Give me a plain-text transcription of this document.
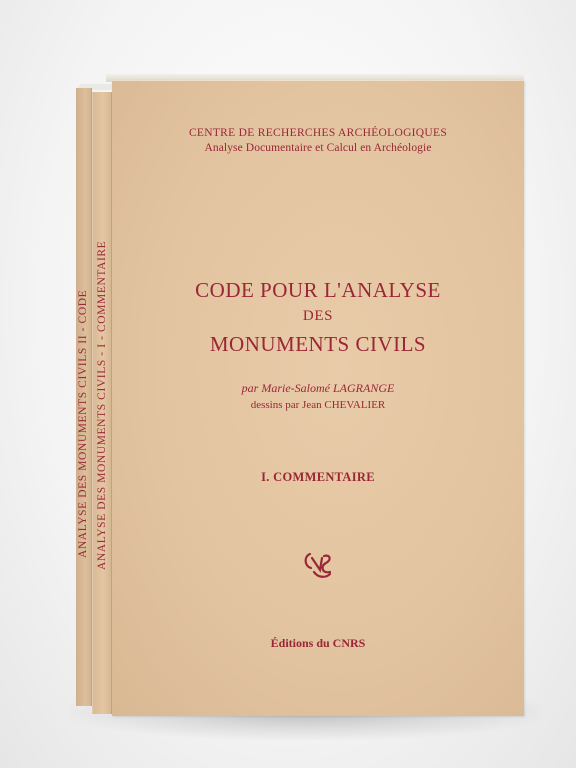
ANALYSE DES MONUMENTS CIVILS II - CODE ANALYSE DES MONUMENTS CIVILS - I - COMMENTAIRE
CENTRE DE RECHERCHES ARCHÉOLOGIQUES
Analyse Documentaire et Calcul en Archéologie
CODE POUR L'ANALYSE
DES
MONUMENTS CIVILS
par Marie-Salomé LAGRANGE
dessins par Jean CHEVALIER
I. COMMENTAIRE
Éditions du CNRS
